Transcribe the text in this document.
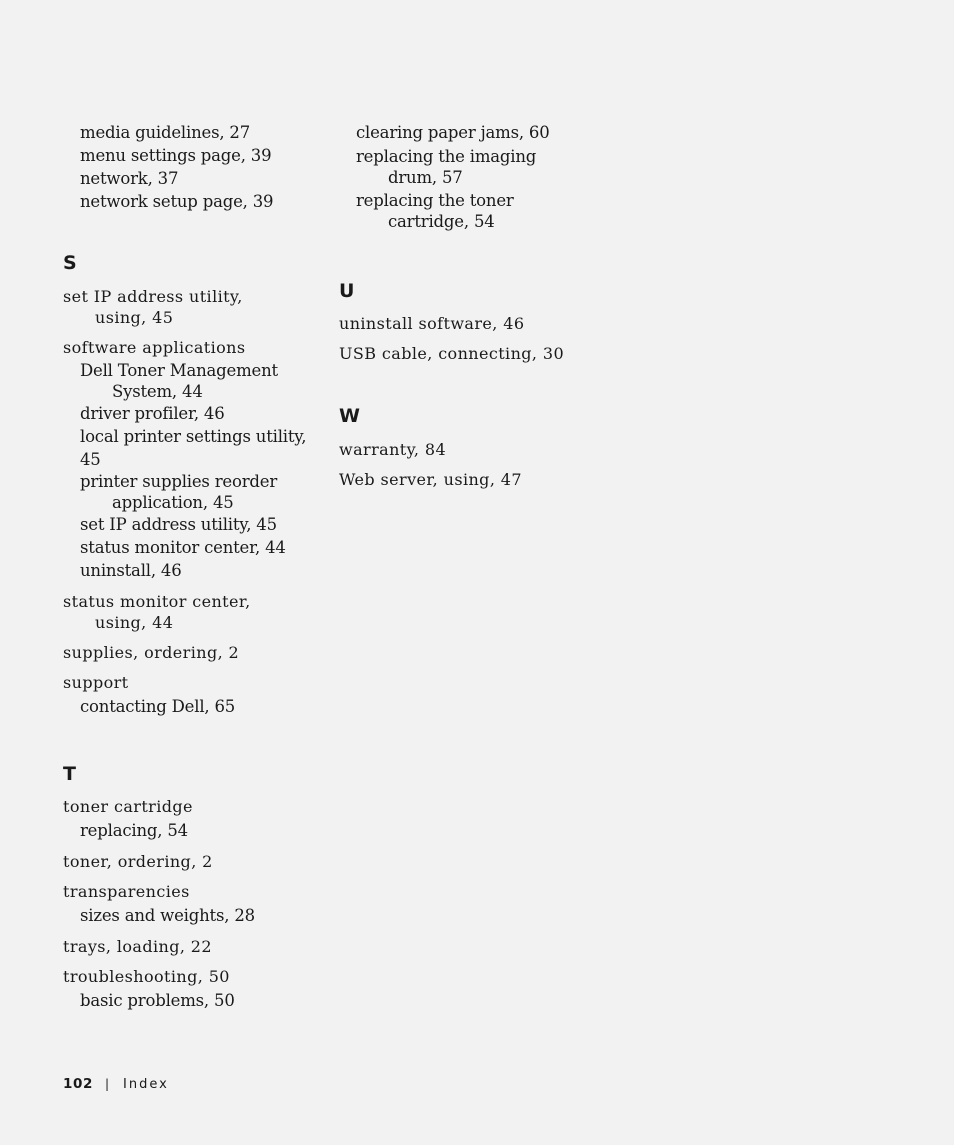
media guidelines, 27
menu settings page, 39
network, 37
network setup page, 39
S
set IP address utility,
using, 45
software applications
Dell Toner Management
System, 44
driver profiler, 46
local printer settings utility, 45
printer supplies reorder
application, 45
set IP address utility, 45
status monitor center, 44
uninstall, 46
status monitor center,
using, 44
supplies, ordering, 2
support
contacting Dell, 65
T
toner cartridge
replacing, 54
toner, ordering, 2
transparencies
sizes and weights, 28
trays, loading, 22
troubleshooting, 50
basic problems, 50
clearing paper jams, 60
replacing the imaging
drum, 57
replacing the toner
cartridge, 54
U
uninstall software, 46
USB cable, connecting, 30
W
warranty, 84
Web server, using, 47
102 | Index
